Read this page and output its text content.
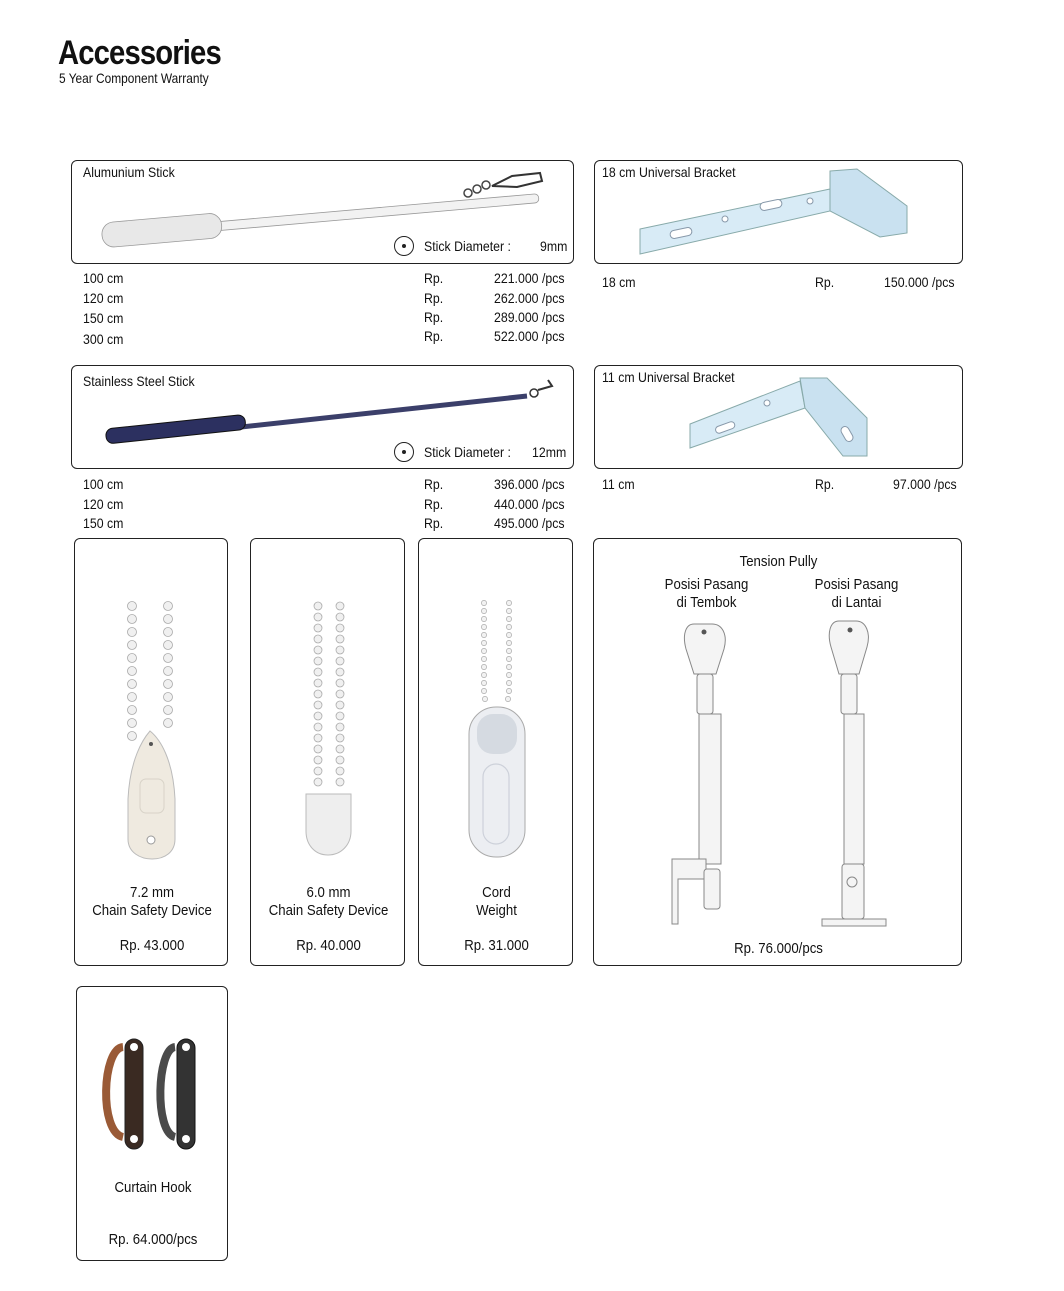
Accessories
5 Year Component Warranty
Alumunium Stick
Stick Diameter : 9mm
100 cm	Rp.	221.000 /pcs
120 cm	Rp.	262.000 /pcs
150 cm	Rp.	289.000 /pcs
300 cm	Rp.	522.000 /pcs
18 cm Universal Bracket
18 cm	Rp.	150.000 /pcs
Stainless Steel Stick
Stick Diameter : 12mm
100 cm	Rp.	396.000 /pcs
120 cm	Rp.	440.000 /pcs
150 cm	Rp.	495.000 /pcs
11 cm Universal Bracket
11 cm	Rp.	97.000 /pcs
7.2 mm
Chain Safety Device
Rp. 43.000
6.0 mm
Chain Safety Device
Rp. 40.000
Cord
Weight
Rp. 31.000
Tension Pully
Posisi Pasang
di Tembok
Posisi Pasang
di Lantai
Rp. 76.000/pcs
Curtain Hook
Rp. 64.000/pcs
